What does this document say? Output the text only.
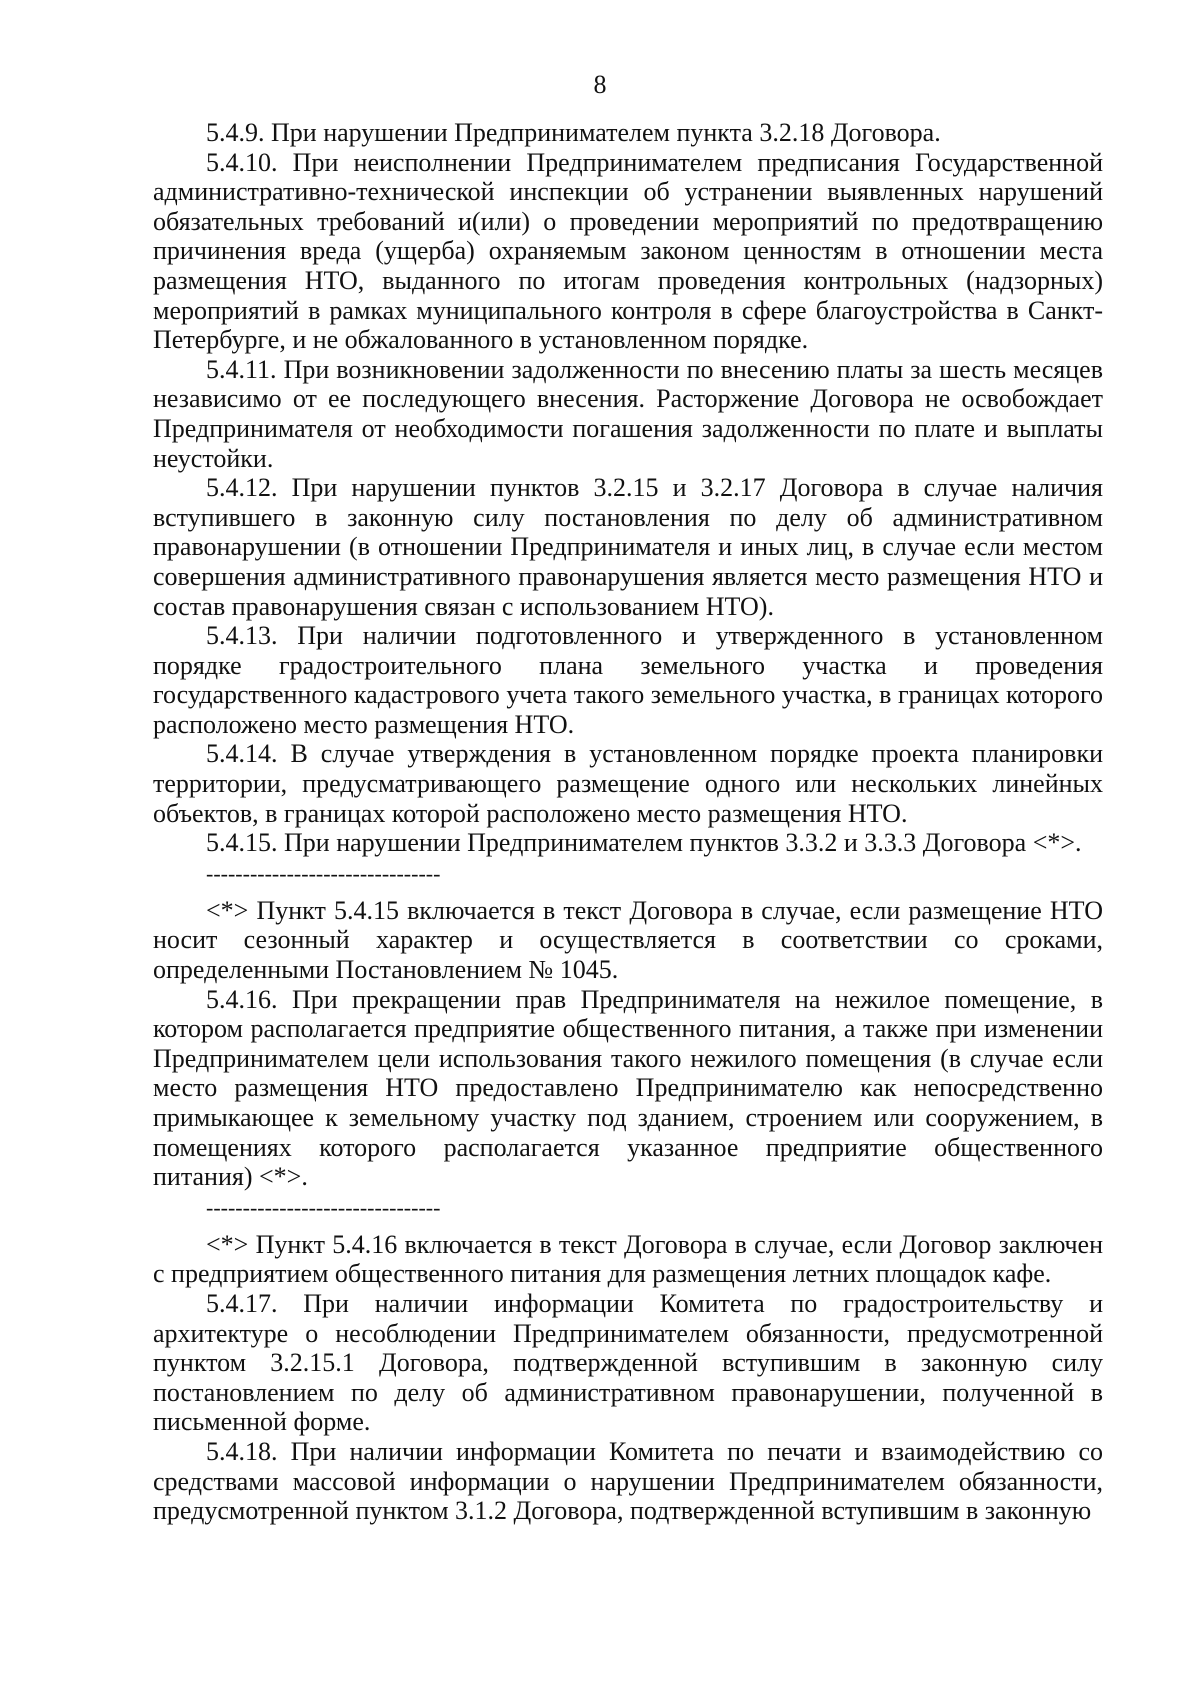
8

5.4.9. При нарушении Предпринимателем пункта 3.2.18 Договора.

5.4.10. При неисполнении Предпринимателем предписания Государственной административно-технической инспекции об устранении выявленных нарушений обязательных требований и(или) о проведении мероприятий по предотвращению причинения вреда (ущерба) охраняемым законом ценностям в отношении места размещения НТО, выданного по итогам проведения контрольных (надзорных) мероприятий в рамках муниципального контроля в сфере благоустройства в Санкт-Петербурге, и не обжалованного в установленном порядке.

5.4.11. При возникновении задолженности по внесению платы за шесть месяцев независимо от ее последующего внесения. Расторжение Договора не освобождает Предпринимателя от необходимости погашения задолженности по плате и выплаты неустойки.

5.4.12. При нарушении пунктов 3.2.15 и 3.2.17 Договора в случае наличия вступившего в законную силу постановления по делу об административном правонарушении (в отношении Предпринимателя и иных лиц, в случае если местом совершения административного правонарушения является место размещения НТО и состав правонарушения связан с использованием НТО).

5.4.13. При наличии подготовленного и утвержденного в установленном порядке градостроительного плана земельного участка и проведения государственного кадастрового учета такого земельного участка, в границах которого расположено место размещения НТО.

5.4.14. В случае утверждения в установленном порядке проекта планировки территории, предусматривающего размещение одного или нескольких линейных объектов, в границах которой расположено место размещения НТО.

5.4.15. При нарушении Предпринимателем пунктов 3.3.2 и 3.3.3 Договора <*>.

--------------------------------

<*> Пункт 5.4.15 включается в текст Договора в случае, если размещение НТО носит сезонный характер и осуществляется в соответствии со сроками, определенными Постановлением № 1045.

5.4.16. При прекращении прав Предпринимателя на нежилое помещение, в котором располагается предприятие общественного питания, а также при изменении Предпринимателем цели использования такого нежилого помещения (в случае если место размещения НТО предоставлено Предпринимателю как непосредственно примыкающее к земельному участку под зданием, строением или сооружением, в помещениях которого располагается указанное предприятие общественного питания) <*>.

--------------------------------

<*> Пункт 5.4.16 включается в текст Договора в случае, если Договор заключен с предприятием общественного питания для размещения летних площадок кафе.

5.4.17. При наличии информации Комитета по градостроительству и архитектуре о несоблюдении Предпринимателем обязанности, предусмотренной пунктом 3.2.15.1 Договора, подтвержденной вступившим в законную силу постановлением по делу об административном правонарушении, полученной в письменной форме.

5.4.18. При наличии информации Комитета по печати и взаимодействию со средствами массовой информации о нарушении Предпринимателем обязанности, предусмотренной пунктом 3.1.2 Договора, подтвержденной вступившим в законную
